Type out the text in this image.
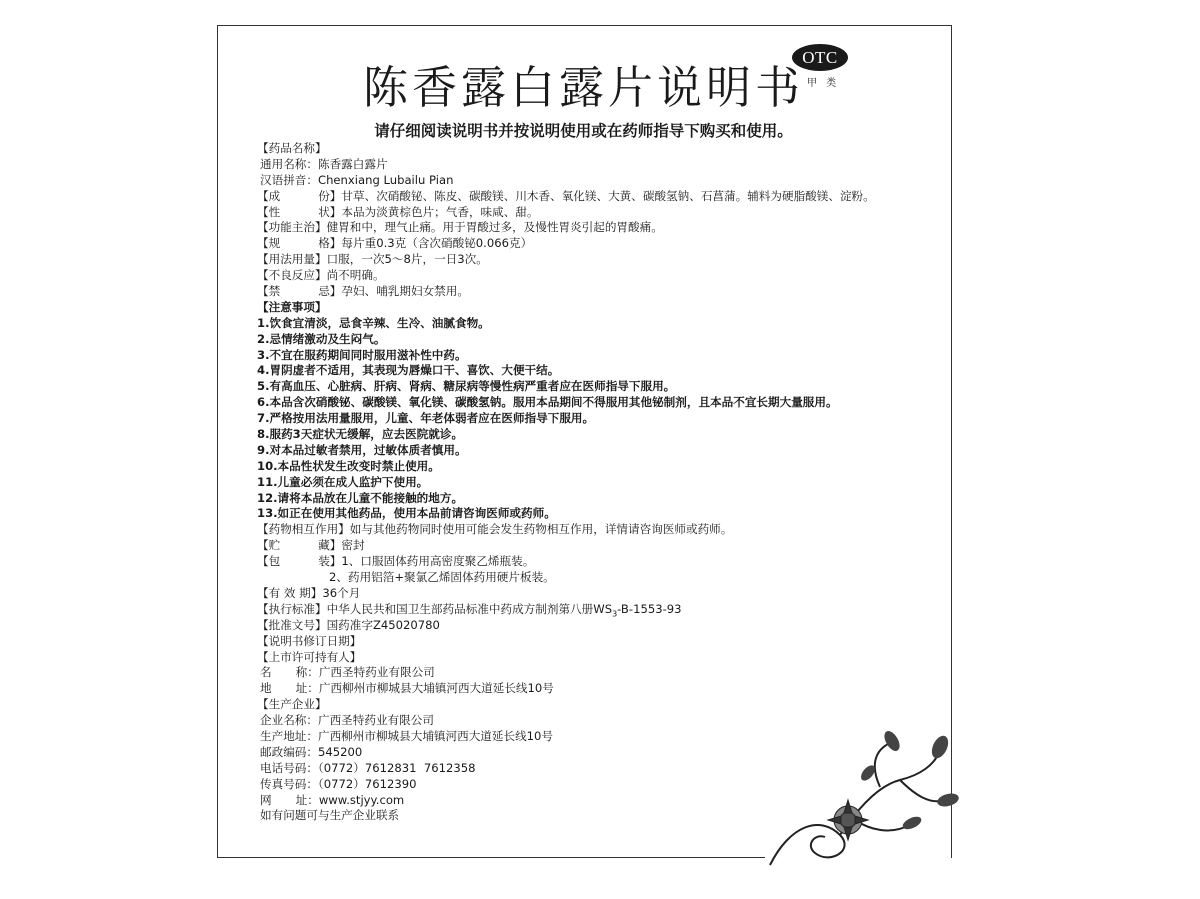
OTC
甲 类
陈香露白露片说明书

请仔细阅读说明书并按说明使用或在药师指导下购买和使用。

【药品名称】
通用名称：陈香露白露片
汉语拼音：Chenxiang Lubailu Pian
【成	份】甘草、次硝酸铋、陈皮、碳酸镁、川木香、氧化镁、大黄、碳酸氢钠、石菖蒲。辅料为硬脂酸镁、淀粉。
【性	状】本品为淡黄棕色片；气香，味咸、甜。
【功能主治】健胃和中，理气止痛。用于胃酸过多，及慢性胃炎引起的胃酸痛。
【规	格】每片重0.3克（含次硝酸铋0.066克）
【用法用量】口服，一次5～8片，一日3次。
【不良反应】尚不明确。
【禁	忌】孕妇、哺乳期妇女禁用。
【注意事项】
1.饮食宜清淡，忌食辛辣、生冷、油腻食物。
2.忌情绪激动及生闷气。
3.不宜在服药期间同时服用滋补性中药。
4.胃阴虚者不适用，其表现为唇燥口干、喜饮、大便干结。
5.有高血压、心脏病、肝病、肾病、糖尿病等慢性病严重者应在医师指导下服用。
6.本品含次硝酸铋、碳酸镁、氧化镁、碳酸氢钠。服用本品期间不得服用其他铋制剂，且本品不宜长期大量服用。
7.严格按用法用量服用，儿童、年老体弱者应在医师指导下服用。
8.服药3天症状无缓解，应去医院就诊。
9.对本品过敏者禁用，过敏体质者慎用。
10.本品性状发生改变时禁止使用。
11.儿童必须在成人监护下使用。
12.请将本品放在儿童不能接触的地方。
13.如正在使用其他药品，使用本品前请咨询医师或药师。
【药物相互作用】如与其他药物同时使用可能会发生药物相互作用，详情请咨询医师或药师。
【贮	藏】密封
【包	装】1、口服固体药用高密度聚乙烯瓶装。
2、药用铝箔+聚氯乙烯固体药用硬片板装。
【有 效 期】36个月
【执行标准】中华人民共和国卫生部药品标准中药成方制剂第八册$WS_3-B-1553-93$
【批准文号】国药准字Z45020780
【说明书修订日期】
【上市许可持有人】
名 称：广西圣特药业有限公司
地 址：广西柳州市柳城县大埔镇河西大道延长线10号
【生产企业】
企业名称：广西圣特药业有限公司
生产地址：广西柳州市柳城县大埔镇河西大道延长线10号
邮政编码：545200
电话号码：（0772）7612831  7612358
传真号码：（0772）7612390
网 址：www.stjyy.com
如有问题可与生产企业联系
